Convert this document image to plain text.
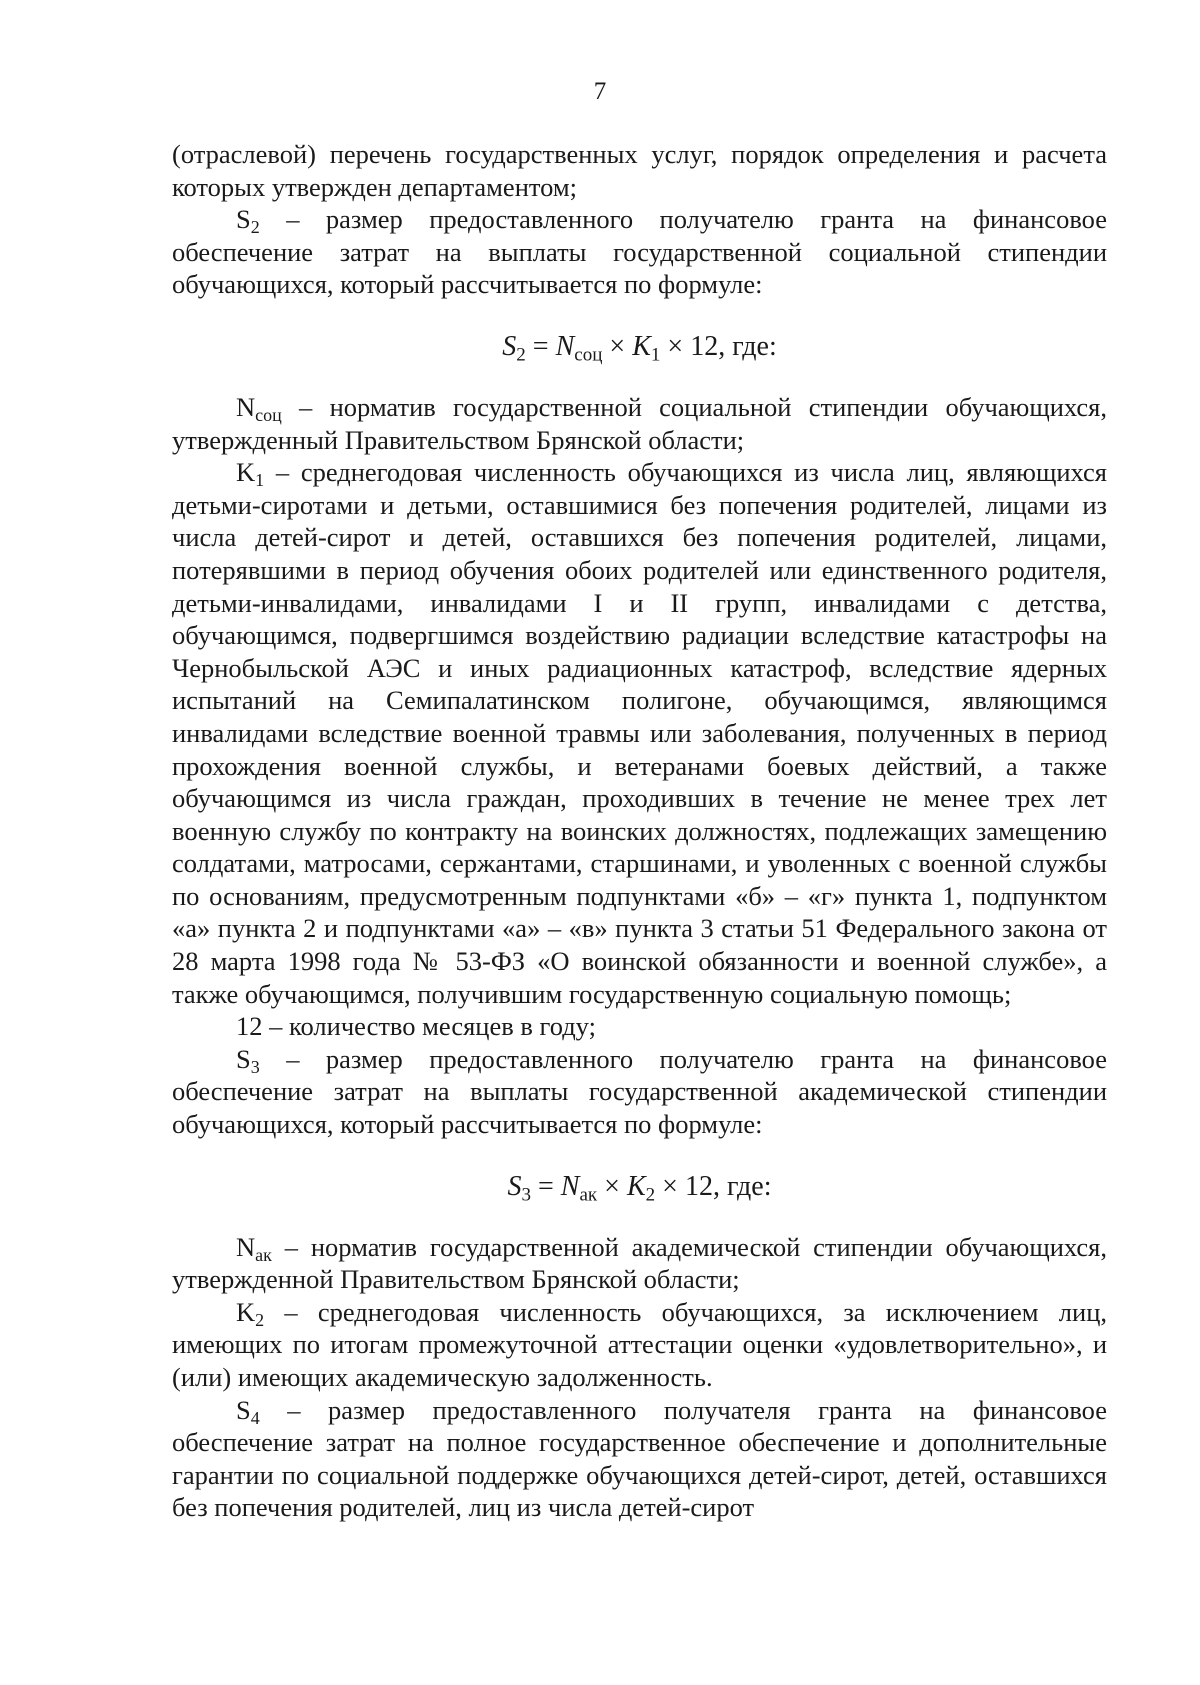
7

(отраслевой) перечень государственных услуг, порядок определения и расчета которых утвержден департаментом;

$S_2$ – размер предоставленного получателю гранта на финансовое обеспечение затрат на выплаты государственной социальной стипендии обучающихся, который рассчитывается по формуле:

$S_2 = N_{соц} \times K_1 \times 12$, где:

$N_{соц}$ – норматив государственной социальной стипендии обучающихся, утвержденный Правительством Брянской области;

$K_1$ – среднегодовая численность обучающихся из числа лиц, являющихся детьми-сиротами и детьми, оставшимися без попечения родителей, лицами из числа детей-сирот и детей, оставшихся без попечения родителей, лицами, потерявшими в период обучения обоих родителей или единственного родителя, детьми-инвалидами, инвалидами I и II групп, инвалидами с детства, обучающимся, подвергшимся воздействию радиации вследствие катастрофы на Чернобыльской АЭС и иных радиационных катастроф, вследствие ядерных испытаний на Семипалатинском полигоне, обучающимся, являющимся инвалидами вследствие военной травмы или заболевания, полученных в период прохождения военной службы, и ветеранами боевых действий, а также обучающимся из числа граждан, проходивших в течение не менее трех лет военную службу по контракту на воинских должностях, подлежащих замещению солдатами, матросами, сержантами, старшинами, и уволенных с военной службы по основаниям, предусмотренным подпунктами «б» – «г» пункта 1, подпунктом «а» пункта 2 и подпунктами «а» – «в» пункта 3 статьи 51 Федерального закона от 28 марта 1998 года № 53-ФЗ «О воинской обязанности и военной службе», а также обучающимся, получившим государственную социальную помощь;

12 – количество месяцев в году;

$S_3$ – размер предоставленного получателю гранта на финансовое обеспечение затрат на выплаты государственной академической стипендии обучающихся, который рассчитывается по формуле:

$S_3 = N_{ак} \times K_2 \times 12$, где:

$N_{ак}$ – норматив государственной академической стипендии обучающихся, утвержденной Правительством Брянской области;

$K_2$ – среднегодовая численность обучающихся, за исключением лиц, имеющих по итогам промежуточной аттестации оценки «удовлетворительно», и (или) имеющих академическую задолженность.

$S_4$ – размер предоставленного получателя гранта на финансовое обеспечение затрат на полное государственное обеспечение и дополнительные гарантии по социальной поддержке обучающихся детей-сирот, детей, оставшихся без попечения родителей, лиц из числа детей-сирот
